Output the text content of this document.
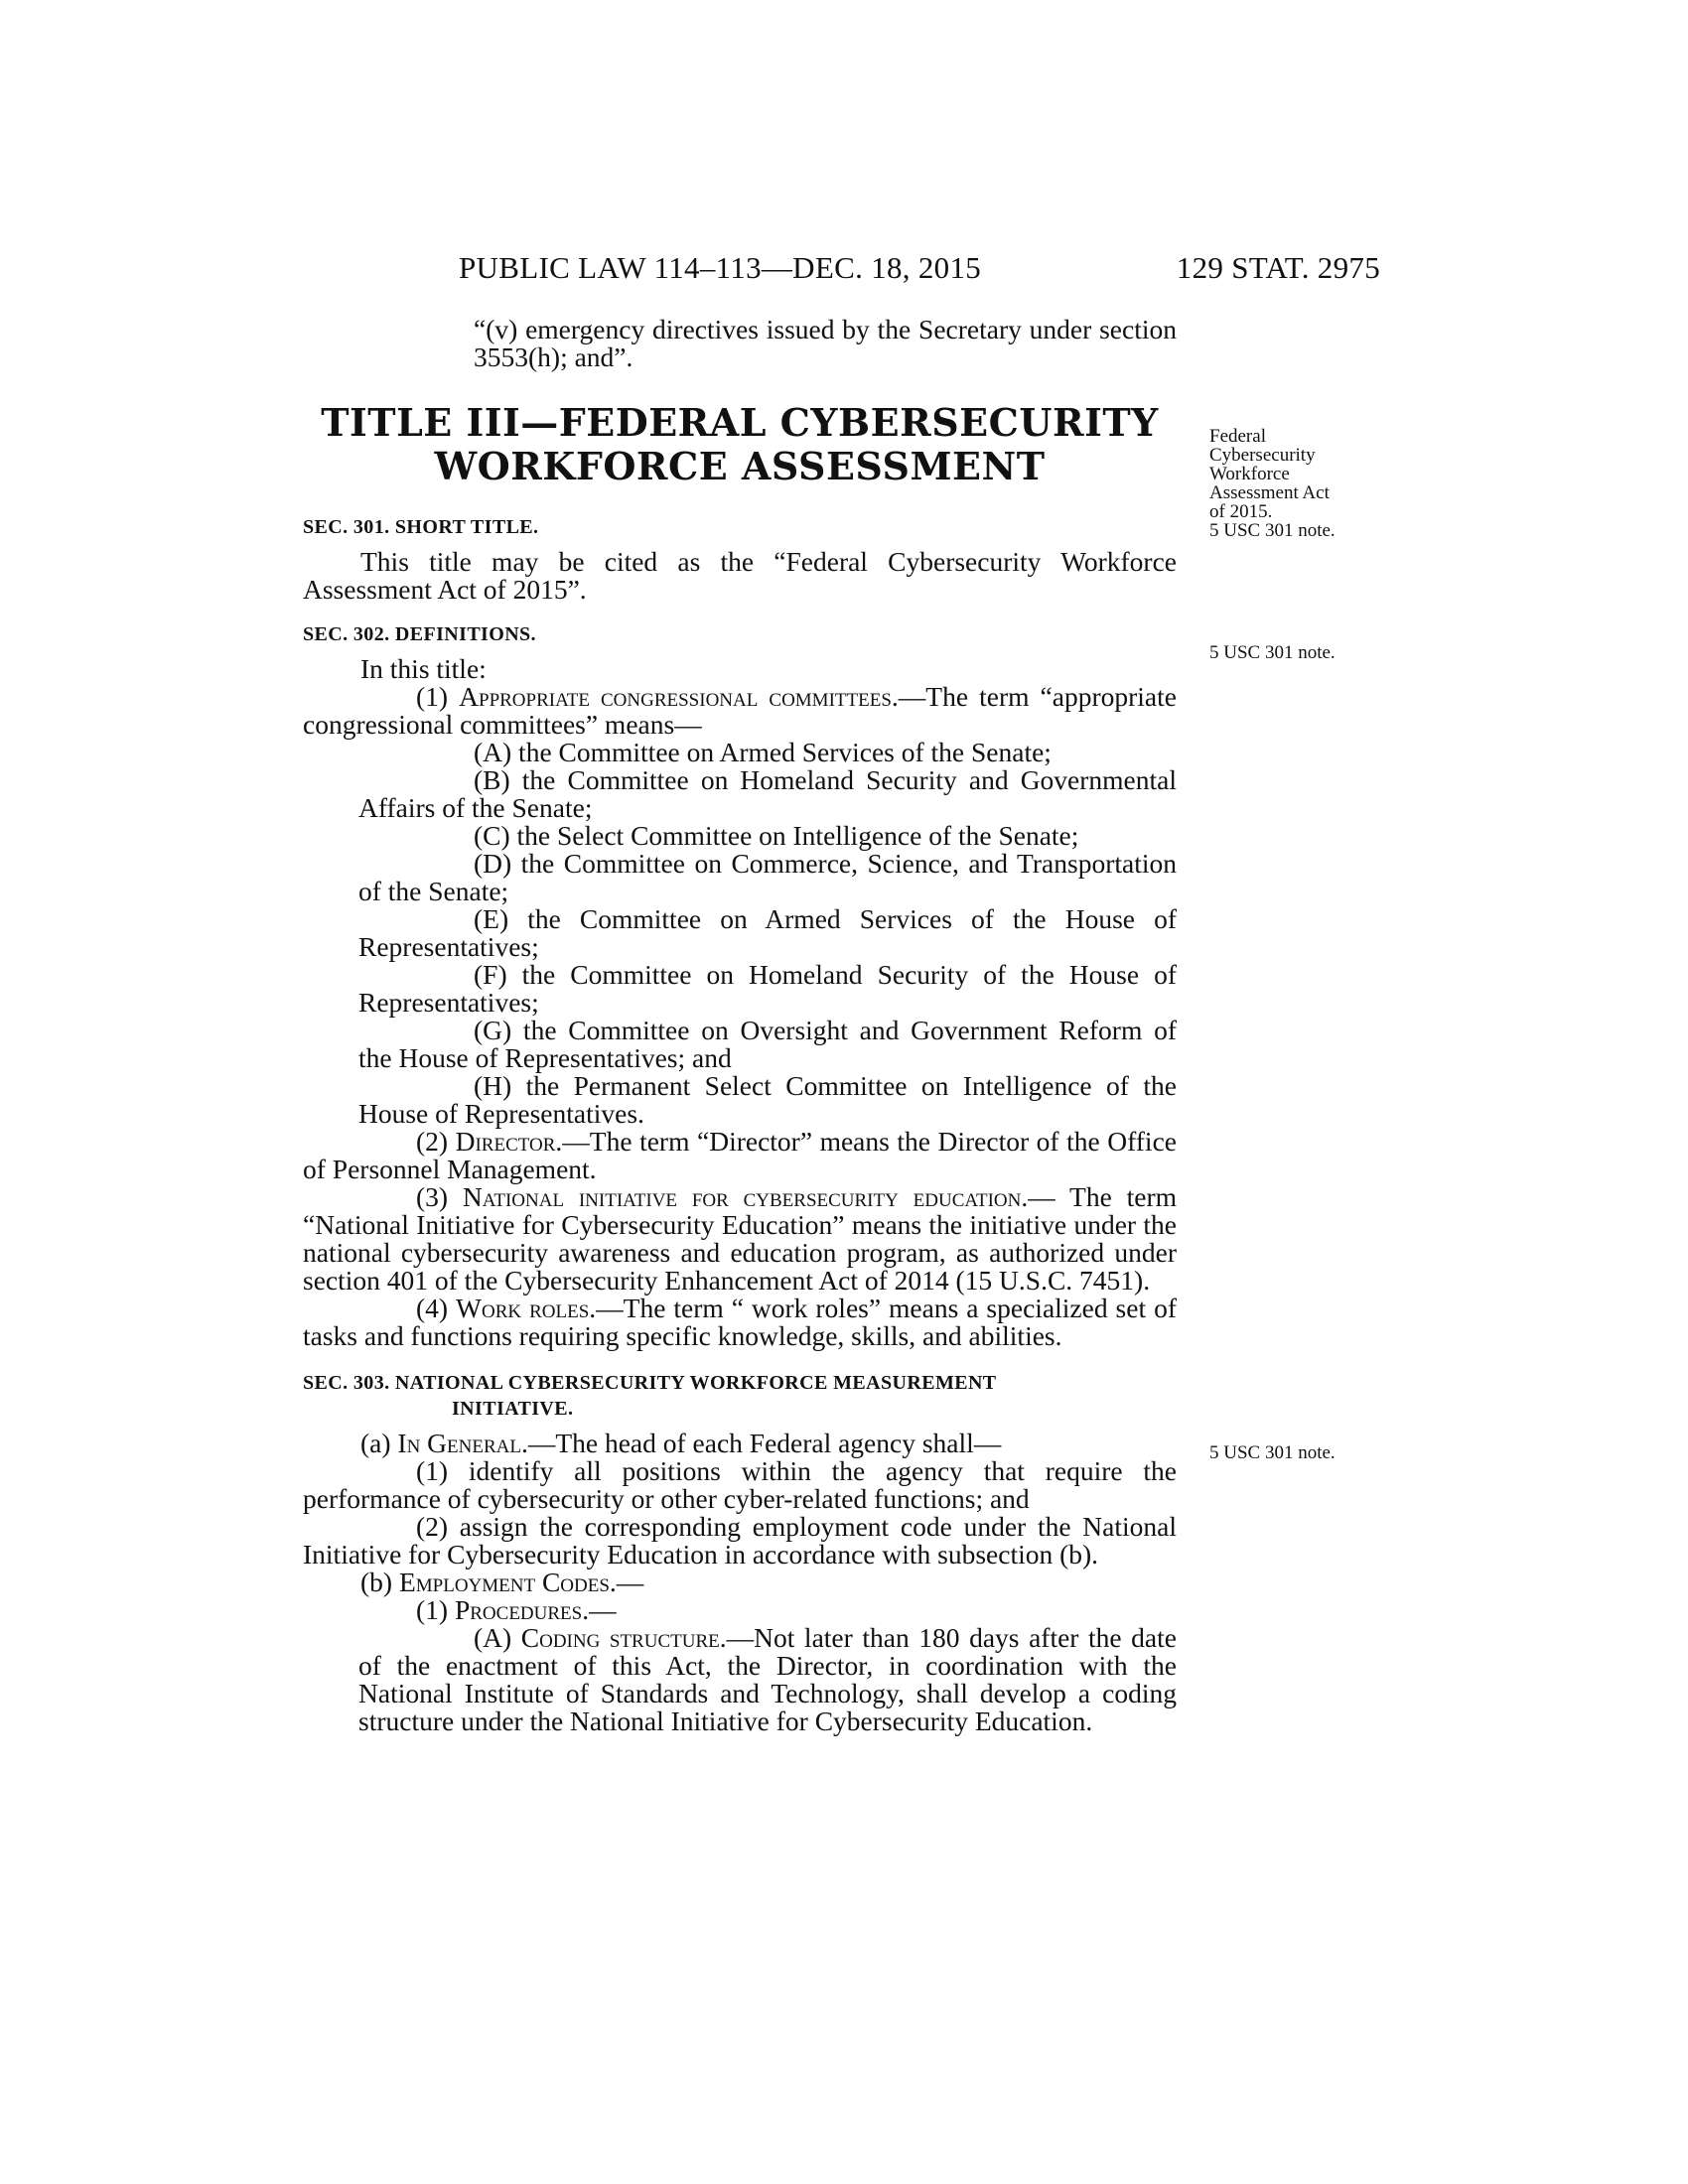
PUBLIC LAW 114–113—DEC. 18, 2015	129 STAT. 2975
Federal
Cybersecurity
Workforce
Assessment Act
of 2015.
5 USC 301 note.
5 USC 301 note.
5 USC 301 note.

“(v) emergency directives issued by the Secretary under section 3553(h); and”.

TITLE III—FEDERAL CYBERSECURITY
WORKFORCE ASSESSMENT

SEC. 301. SHORT TITLE.

This title may be cited as the “Federal Cybersecurity Workforce Assessment Act of 2015”.

SEC. 302. DEFINITIONS.

In this title:

(1) Appropriate congressional committees.—The term “appropriate congressional committees” means—

(A) the Committee on Armed Services of the Senate;

(B) the Committee on Homeland Security and Governmental Affairs of the Senate;

(C) the Select Committee on Intelligence of the Senate;

(D) the Committee on Commerce, Science, and Transportation of the Senate;

(E) the Committee on Armed Services of the House of Representatives;

(F) the Committee on Homeland Security of the House of Representatives;

(G) the Committee on Oversight and Government Reform of the House of Representatives; and

(H) the Permanent Select Committee on Intelligence of the House of Representatives.

(2) Director.—The term “Director” means the Director of the Office of Personnel Management.

(3) National initiative for cybersecurity education.— The term “National Initiative for Cybersecurity Education” means the initiative under the national cybersecurity awareness and education program, as authorized under section 401 of the Cybersecurity Enhancement Act of 2014 (15 U.S.C. 7451).

(4) Work roles.—The term “ work roles” means a specialized set of tasks and functions requiring specific knowledge, skills, and abilities.

SEC. 303. NATIONAL CYBERSECURITY WORKFORCE MEASUREMENT
INITIATIVE.

(a) In General.—The head of each Federal agency shall—

(1) identify all positions within the agency that require the performance of cybersecurity or other cyber-related functions; and

(2) assign the corresponding employment code under the National Initiative for Cybersecurity Education in accordance with subsection (b).

(b) Employment Codes.—

(1) Procedures.—

(A) Coding structure.—Not later than 180 days after the date of the enactment of this Act, the Director, in coordination with the National Institute of Standards and Technology, shall develop a coding structure under the National Initiative for Cybersecurity Education.
